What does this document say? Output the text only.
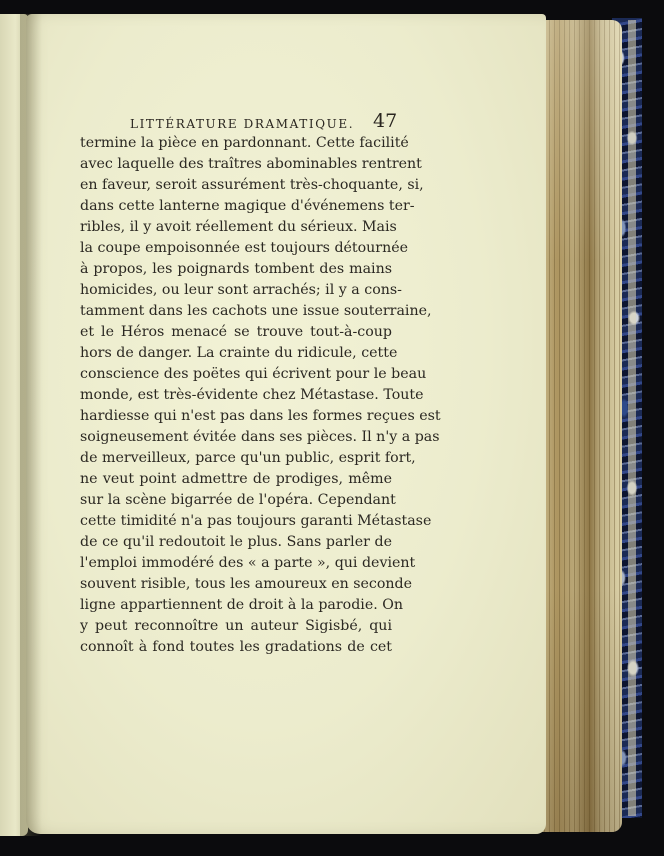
LITTÉRATURE DRAMATIQUE. 47
termine la pièce en pardonnant. Cette facilité
avec laquelle des traîtres abominables rentrent
en faveur, seroit assurément très-choquante, si,
dans cette lanterne magique d'événemens ter-
ribles, il y avoit réellement du sérieux. Mais
la coupe empoisonnée est toujours détournée
à propos, les poignards tombent des mains
homicides, ou leur sont arrachés; il y a cons-
tamment dans les cachots une issue souterraine,
et le Héros menacé se trouve tout-à-coup
hors de danger. La crainte du ridicule, cette
conscience des poëtes qui écrivent pour le beau
monde, est très-évidente chez Métastase. Toute
hardiesse qui n'est pas dans les formes reçues est
soigneusement évitée dans ses pièces. Il n'y a pas
de merveilleux, parce qu'un public, esprit fort,
ne veut point admettre de prodiges, même
sur la scène bigarrée de l'opéra. Cependant
cette timidité n'a pas toujours garanti Métastase
de ce qu'il redoutoit le plus. Sans parler de
l'emploi immodéré des « a parte », qui devient
souvent risible, tous les amoureux en seconde
ligne appartiennent de droit à la parodie. On
y peut reconnoître un auteur Sigisbé, qui
connoît à fond toutes les gradations de cet
